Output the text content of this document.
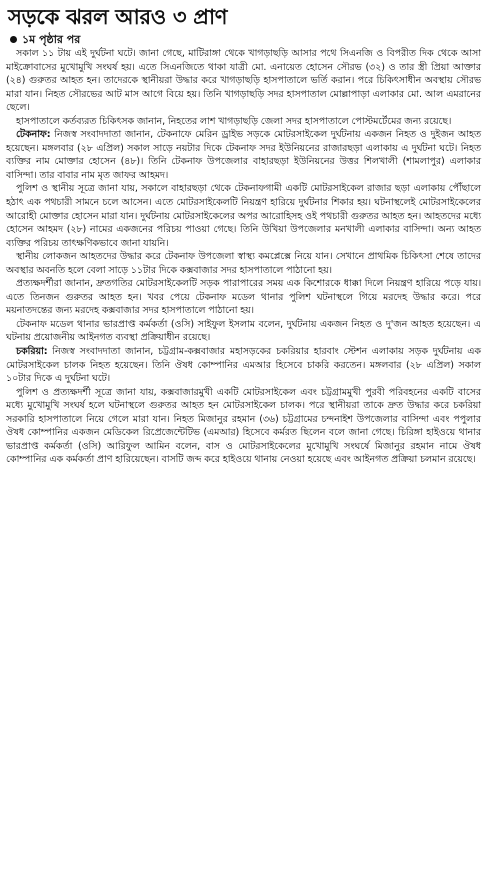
সড়কে ঝরল আরও ৩ প্রাণ
১ম পৃষ্ঠার পর

সকাল ১১ টায় এই দুর্ঘটনা ঘটে। জানা গেছে, মাটিরাঙ্গা থেকে খাগড়াছড়ি আসার পথে সিএনজি ও বিপরীত দিক থেকে আসা মাইক্রোবাসের মুখোমুখি সংঘর্ষ হয়। এতে সিএনজিতে থাকা যাত্রী মো. এনায়েত হোসেন সৌরভ (৩২) ও তার স্ত্রী প্রিয়া আক্তার (২৪) গুরুতর আহত হন। তাদেরকে স্থানীয়রা উদ্ধার করে খাগড়াছড়ি হাসপাতালে ভর্তি করান। পরে চিকিৎসাধীন অবস্থায় সৌরভ মারা যান। নিহত সৌরভের আট মাস আগে বিয়ে হয়। তিনি খাগড়াছড়ি সদর হাসপাতাল মোল্লাপাড়া এলাকার মো. আল এমরানের ছেলে।

হাসপাতালে কর্তব্যরত চিকিৎসক জানান, নিহতের লাশ খাগড়াছড়ি জেলা সদর হাসপাতালে পোস্টমর্টেমের জন্য রয়েছে।

টেকনাফ: নিজস্ব সংবাদদাতা জানান, টেকনাফে মেরিন ড্রাইভ সড়কে মোটরসাইকেল দুর্ঘটনায় একজন নিহত ও দুইজন আহত হয়েছেন। মঙ্গলবার (২৮ এপ্রিল) সকাল সাড়ে নয়টার দিকে টেকনাফ সদর ইউনিয়নের রাজারছড়া এলাকায় এ দুর্ঘটনা ঘটে। নিহত ব্যক্তির নাম মোক্তার হোসেন (৪৮)। তিনি টেকনাফ উপজেলার বাহারছড়া ইউনিয়নের উত্তর শিলখালী (শামলাপুর) এলাকার বাসিন্দা। তার বাবার নাম মৃত জাফর আহমদ।

পুলিশ ও স্থানীয় সূত্রে জানা যায়, সকালে বাহারছড়া থেকে টেকনাফগামী একটি মোটরসাইকেল রাজার ছড়া এলাকায় পৌঁছালে হঠাৎ এক পথচারী সামনে চলে আসেন। এতে মোটরসাইকেলটি নিয়ন্ত্রণ হারিয়ে দুর্ঘটনার শিকার হয়। ঘটনাস্থলেই মোটরসাইকেলের আরোহী মোক্তার হোসেন মারা যান। দুর্ঘটনায় মোটরসাইকেলের অপর আরোহিসহ ওই পথচারী গুরুতর আহত হন। আহতদের মধ্যে হোসেন আহমদ (২৮) নামের একজনের পরিচয় পাওয়া গেছে। তিনি উখিয়া উপজেলার মনখালী এলাকার বাসিন্দা। অন্য আহত ব্যক্তির পরিচয় তাৎক্ষণিকভাবে জানা যায়নি।

স্থানীয় লোকজন আহতদের উদ্ধার করে টেকনাফ উপজেলা স্বাস্থ্য কমপ্লেক্সে নিয়ে যান। সেখানে প্রাথমিক চিকিৎসা শেষে তাদের অবস্থার অবনতি হলে বেলা সাড়ে ১১টার দিকে কক্সবাজার সদর হাসপাতালে পাঠানো হয়।

প্রত্যক্ষদর্শীরা জানান, দ্রুতগতির মোটরসাইকেলটি সড়ক পারাপারের সময় এক কিশোরকে ধাক্কা দিলে নিয়ন্ত্রণ হারিয়ে পড়ে যায়। এতে তিনজন গুরুতর আহত হন। খবর পেয়ে টেকনাফ মডেল থানার পুলিশ ঘটনাস্থলে গিয়ে মরদেহ উদ্ধার করে। পরে ময়নাতদন্তের জন্য মরদেহ কক্সবাজার সদর হাসপাতালে পাঠানো হয়।

টেকনাফ মডেল থানার ভারপ্রাপ্ত কর্মকর্তা (ওসি) সাইফুল ইসলাম বলেন, দুর্ঘটনায় একজন নিহত ও দু'জন আহত হয়েছেন। এ ঘটনায় প্রয়োজনীয় আইনগত ব্যবস্থা প্রক্রিয়াধীন রয়েছে।

চকরিয়া: নিজস্ব সংবাদদাতা জানান, চট্টগ্রাম-কক্সবাজার মহাসড়কের চকরিয়ার হারবাং স্টেশন এলাকায় সড়ক দুর্ঘটনায় এক মোটরসাইকেল চালক নিহত হয়েছেন। তিনি ঔষধ কোম্পানির এমআর হিসেবে চাকরি করতেন। মঙ্গলবার (২৮ এপ্রিল) সকাল ১০টার দিকে এ দুর্ঘটনা ঘটে।

পুলিশ ও প্রত্যক্ষদর্শী সূত্রে জানা যায়, কক্সবাজারমুখী একটি মোটরসাইকেল এবং চট্টগ্রামমুখী পুরবী পরিবহনের একটি বাসের মধ্যে মুখোমুখি সংঘর্ষ হলে ঘটনাস্থলে গুরুতর আহত হন মোটরসাইকেল চালক। পরে স্থানীয়রা তাকে দ্রুত উদ্ধার করে চকরিয়া সরকারি হাসপাতালে নিয়ে গেলে মারা যান। নিহত মিজানুর রহমান (৩৬) চট্টগ্রামের চন্দনাইশ উপজেলার বাসিন্দা এবং পপুলার ঔষধ কোম্পানির একজন মেডিকেল রিপ্রেজেন্টেটিভ (এমআর) হিসেবে কর্মরত ছিলেন বলে জানা গেছে। চিরিঙ্গা হাইওয়ে থানার ভারপ্রাপ্ত কর্মকর্তা (ওসি) আরিফুল আমিন বলেন, বাস ও মোটরসাইকেলের মুখোমুখি সংঘর্ষে মিজানুর রহমান নামে ঔষধ কোম্পানির এক কর্মকর্তা প্রাণ হারিয়েছেন। বাসটি জব্দ করে হাইওয়ে থানায় নেওয়া হয়েছে এবং আইনগত প্রক্রিয়া চলমান রয়েছে।
